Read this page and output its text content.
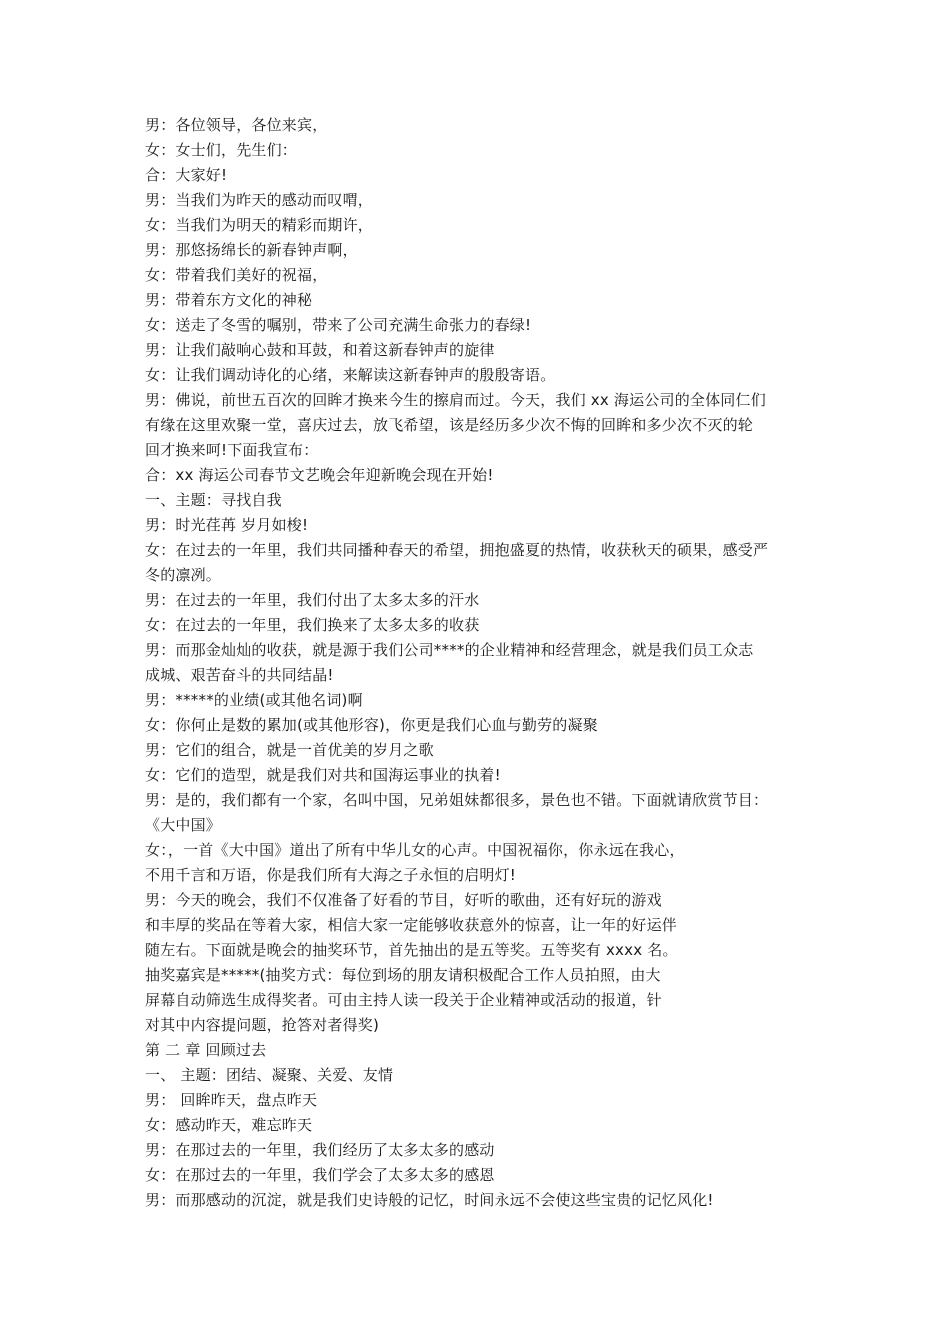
男：各位领导，各位来宾，
女：女士们，先生们：
合：大家好!
男：当我们为昨天的感动而叹喟，
女：当我们为明天的精彩而期许，
男：那悠扬绵长的新春钟声啊，
女：带着我们美好的祝福，
男：带着东方文化的神秘
女：送走了冬雪的嘱别，带来了公司充满生命张力的春绿!
男：让我们敲响心鼓和耳鼓，和着这新春钟声的旋律
女：让我们调动诗化的心绪，来解读这新春钟声的殷殷寄语。
男：佛说，前世五百次的回眸才换来今生的擦肩而过。今天，我们 xx 海运公司的全体同仁们
有缘在这里欢聚一堂，喜庆过去，放飞希望，该是经历多少次不悔的回眸和多少次不灭的轮
回才换来呵!下面我宣布：
合：xx 海运公司春节文艺晚会年迎新晚会现在开始!
一、主题：寻找自我
男：时光荏苒 岁月如梭!
女：在过去的一年里，我们共同播种春天的希望，拥抱盛夏的热情，收获秋天的硕果，感受严
冬的凛冽。
男：在过去的一年里，我们付出了太多太多的汗水
女：在过去的一年里，我们换来了太多太多的收获
男：而那金灿灿的收获，就是源于我们公司****的企业精神和经营理念，就是我们员工众志
成城、艰苦奋斗的共同结晶!
男：*****的业绩(或其他名词)啊
女：你何止是数的累加(或其他形容)，你更是我们心血与勤劳的凝聚
男：它们的组合，就是一首优美的岁月之歌
女：它们的造型，就是我们对共和国海运事业的执着!
男：是的，我们都有一个家，名叫中国，兄弟姐妹都很多，景色也不错。下面就请欣赏节目：
《大中国》
女：，一首《大中国》道出了所有中华儿女的心声。中国祝福你，你永远在我心，
不用千言和万语，你是我们所有大海之子永恒的启明灯!
男：今天的晚会，我们不仅准备了好看的节目，好听的歌曲，还有好玩的游戏
和丰厚的奖品在等着大家，相信大家一定能够收获意外的惊喜，让一年的好运伴
随左右。下面就是晚会的抽奖环节，首先抽出的是五等奖。五等奖有 xxxx 名。
抽奖嘉宾是*****(抽奖方式：每位到场的朋友请积极配合工作人员拍照，由大
屏幕自动筛选生成得奖者。可由主持人读一段关于企业精神或活动的报道，针
对其中内容提问题，抢答对者得奖)
第 二 章 回顾过去
一、 主题：团结、凝聚、关爱、友情
男： 回眸昨天，盘点昨天
女：感动昨天，难忘昨天
男：在那过去的一年里，我们经历了太多太多的感动
女：在那过去的一年里，我们学会了太多太多的感恩
男：而那感动的沉淀，就是我们史诗般的记忆，时间永远不会使这些宝贵的记忆风化!
